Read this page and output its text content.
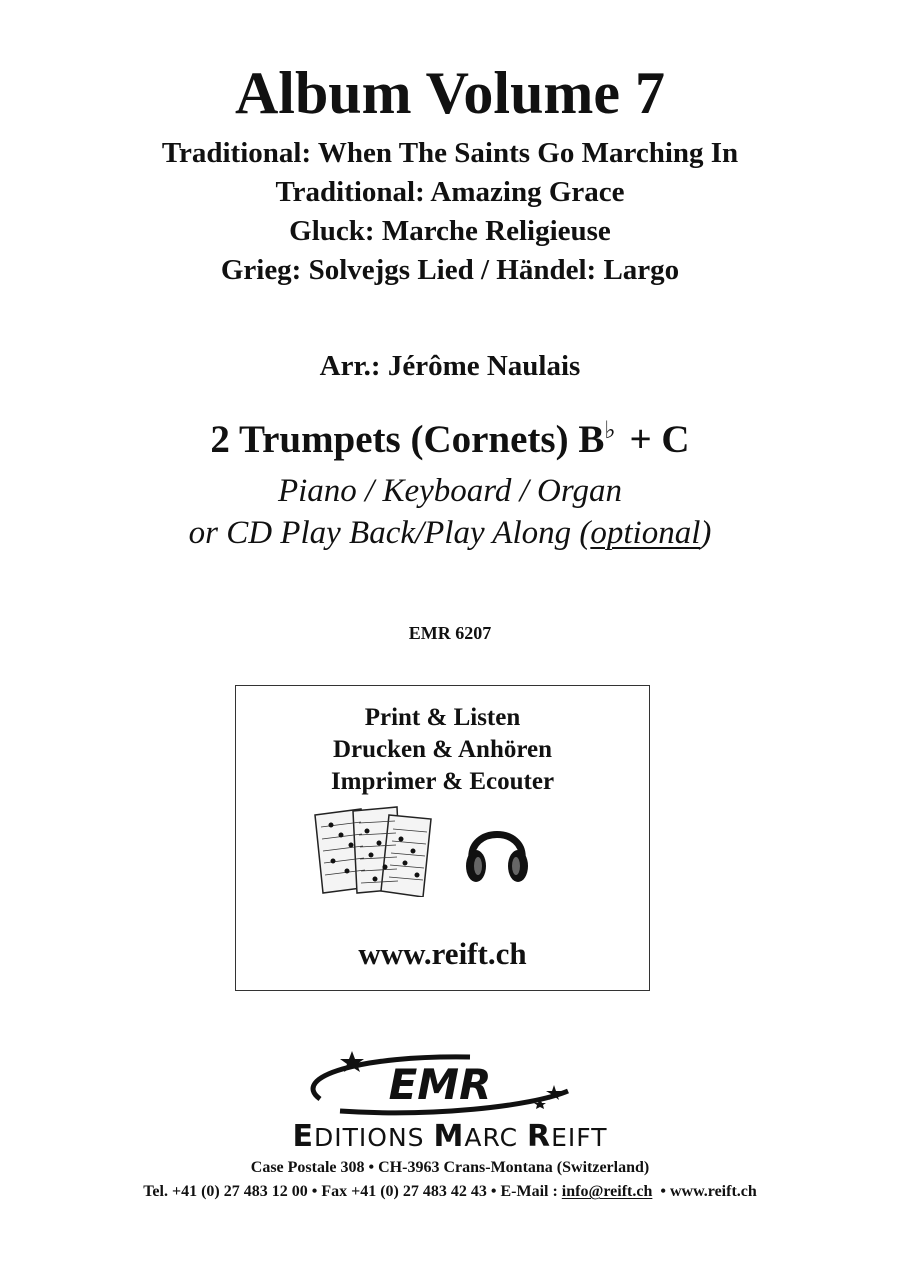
Album Volume 7
Traditional: When The Saints Go Marching In
Traditional: Amazing Grace
Gluck: Marche Religieuse
Grieg: Solvejgs Lied / Händel: Largo
Arr.: Jérôme Naulais
2 Trumpets (Cornets) B♭ + C
Piano / Keyboard / Organ
or CD Play Back/Play Along (optional)
EMR 6207
Print & Listen
Drucken & Anhören
Imprimer & Ecouter
www.reift.ch
EMR
EDITIONS MARC REIFT
Case Postale 308 • CH-3963 Crans-Montana (Switzerland)
Tel. +41 (0) 27 483 12 00 • Fax +41 (0) 27 483 42 43 • E-Mail : info@reift.ch  • www.reift.ch
